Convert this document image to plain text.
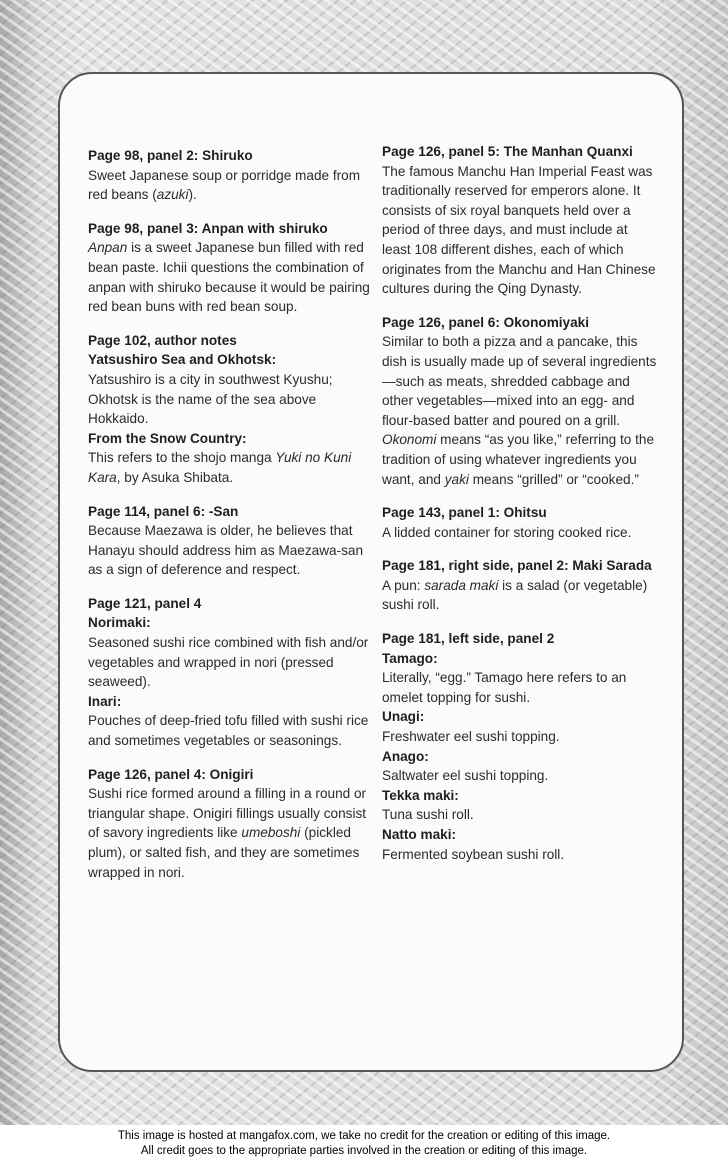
Page 98, panel 2: Shiruko
Sweet Japanese soup or porridge made from red beans (azuki).
Page 98, panel 3: Anpan with shiruko
Anpan is a sweet Japanese bun filled with red bean paste. Ichii questions the combination of anpan with shiruko because it would be pairing red bean buns with red bean soup.
Page 102, author notes
Yatsushiro Sea and Okhotsk:
Yatsushiro is a city in southwest Kyushu; Okhotsk is the name of the sea above Hokkaido.
From the Snow Country:
This refers to the shojo manga Yuki no Kuni Kara, by Asuka Shibata.
Page 114, panel 6: -San
Because Maezawa is older, he believes that Hanayu should address him as Maezawa-san as a sign of deference and respect.
Page 121, panel 4
Norimaki:
Seasoned sushi rice combined with fish and/or vegetables and wrapped in nori (pressed seaweed).
Inari:
Pouches of deep-fried tofu filled with sushi rice and sometimes vegetables or seasonings.
Page 126, panel 4: Onigiri
Sushi rice formed around a filling in a round or triangular shape. Onigiri fillings usually consist of savory ingredients like umeboshi (pickled plum), or salted fish, and they are sometimes wrapped in nori.
Page 126, panel 5: The Manhan Quanxi
The famous Manchu Han Imperial Feast was traditionally reserved for emperors alone. It consists of six royal banquets held over a period of three days, and must include at least 108 different dishes, each of which originates from the Manchu and Han Chinese cultures during the Qing Dynasty.
Page 126, panel 6: Okonomiyaki
Similar to both a pizza and a pancake, this dish is usually made up of several ingredients—such as meats, shredded cabbage and other vegetables—mixed into an egg- and flour-based batter and poured on a grill. Okonomi means “as you like,” referring to the tradition of using whatever ingredients you want, and yaki means “grilled” or “cooked.”
Page 143, panel 1: Ohitsu
A lidded container for storing cooked rice.
Page 181, right side, panel 2: Maki Sarada
A pun: sarada maki is a salad (or vegetable) sushi roll.
Page 181, left side, panel 2
Tamago:
Literally, “egg.” Tamago here refers to an omelet topping for sushi.
Unagi:
Freshwater eel sushi topping.
Anago:
Saltwater eel sushi topping.
Tekka maki:
Tuna sushi roll.
Natto maki:
Fermented soybean sushi roll.
This image is hosted at mangafox.com, we take no credit for the creation or editing of this image.
All credit goes to the appropriate parties involved in the creation or editing of this image.
